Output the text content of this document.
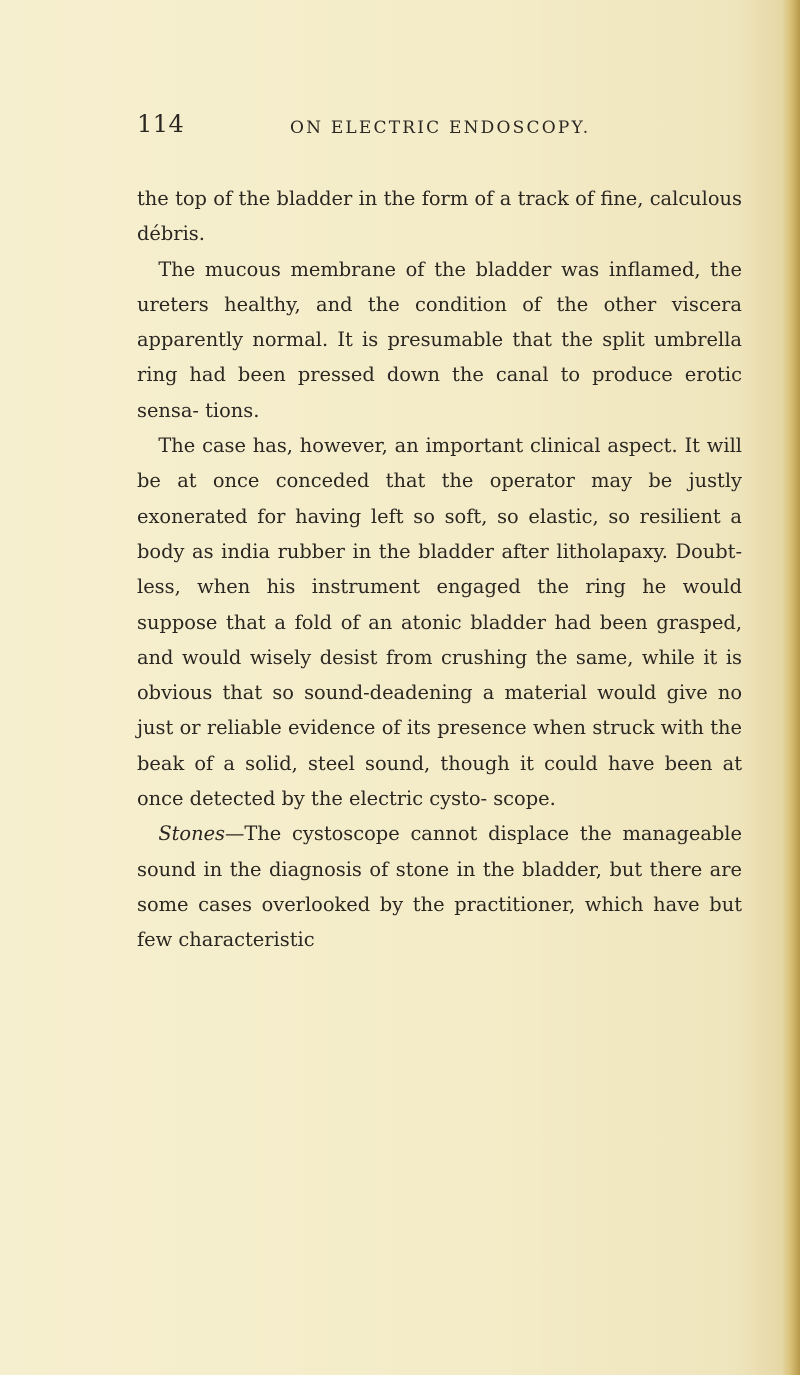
114	ON ELECTRIC ENDOSCOPY.

the top of the bladder in the form of a track of fine, calculous débris.

The mucous membrane of the bladder was inflamed, the ureters healthy, and the condition of the other viscera apparently normal. It is presumable that the split umbrella ring had been pressed down the canal to produce erotic sensa- tions.

The case has, however, an important clinical aspect. It will be at once conceded that the operator may be justly exonerated for having left so soft, so elastic, so resilient a body as india rubber in the bladder after litholapaxy. Doubt- less, when his instrument engaged the ring he would suppose that a fold of an atonic bladder had been grasped, and would wisely desist from crushing the same, while it is obvious that so sound-deadening a material would give no just or reliable evidence of its presence when struck with the beak of a solid, steel sound, though it could have been at once detected by the electric cysto- scope.

Stones—The cystoscope cannot displace the manageable sound in the diagnosis of stone in the bladder, but there are some cases overlooked by the practitioner, which have but few characteristic
